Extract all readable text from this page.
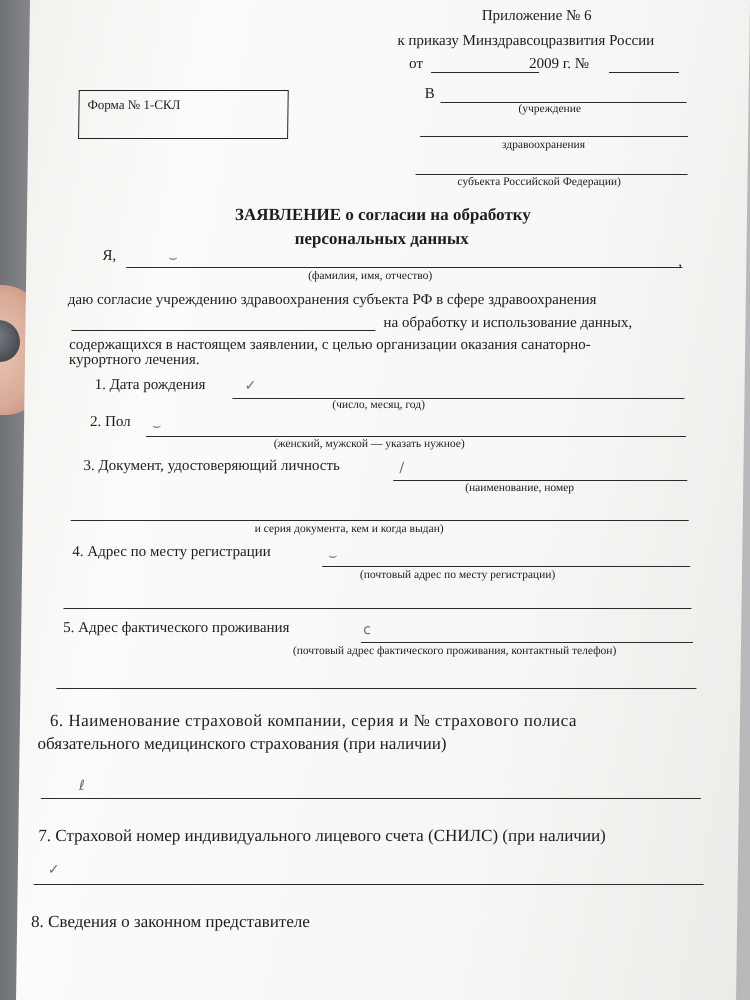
Приложение № 6
к приказу Минздравсоцразвития России
от	2009 г. №
Форма № 1-СКЛ
В
(учреждение
здравоохранения
субъекта Российской Федерации)
ЗАЯВЛЕНИЕ о согласии на обработку
персональных данных
Я,	⌣	,
(фамилия, имя, отчество)
даю согласие учреждению здравоохранения субъекта РФ в сфере здравоохранения
на обработку и использование данных,
содержащихся в настоящем заявлении, с целью организации оказания санаторно-
курортного лечения.
1. Дата рождения	✓
(число, месяц, год)
2. Пол ⌣
(женский, мужской — указать нужное)
3. Документ, удостоверяющий личность	/
(наименование, номер
и серия документа, кем и когда выдан)
4. Адрес по месту регистрации	⌣
(почтовый адрес по месту регистрации)
5. Адрес фактического проживания	c
(почтовый адрес фактического проживания, контактный телефон)
6. Наименование страховой компании, серия и № страхового полиса
обязательного медицинского страхования (при наличии)
ℓ
7. Страховой номер индивидуального лицевого счета (СНИЛС) (при наличии)
✓
8. Сведения о законном представителе
